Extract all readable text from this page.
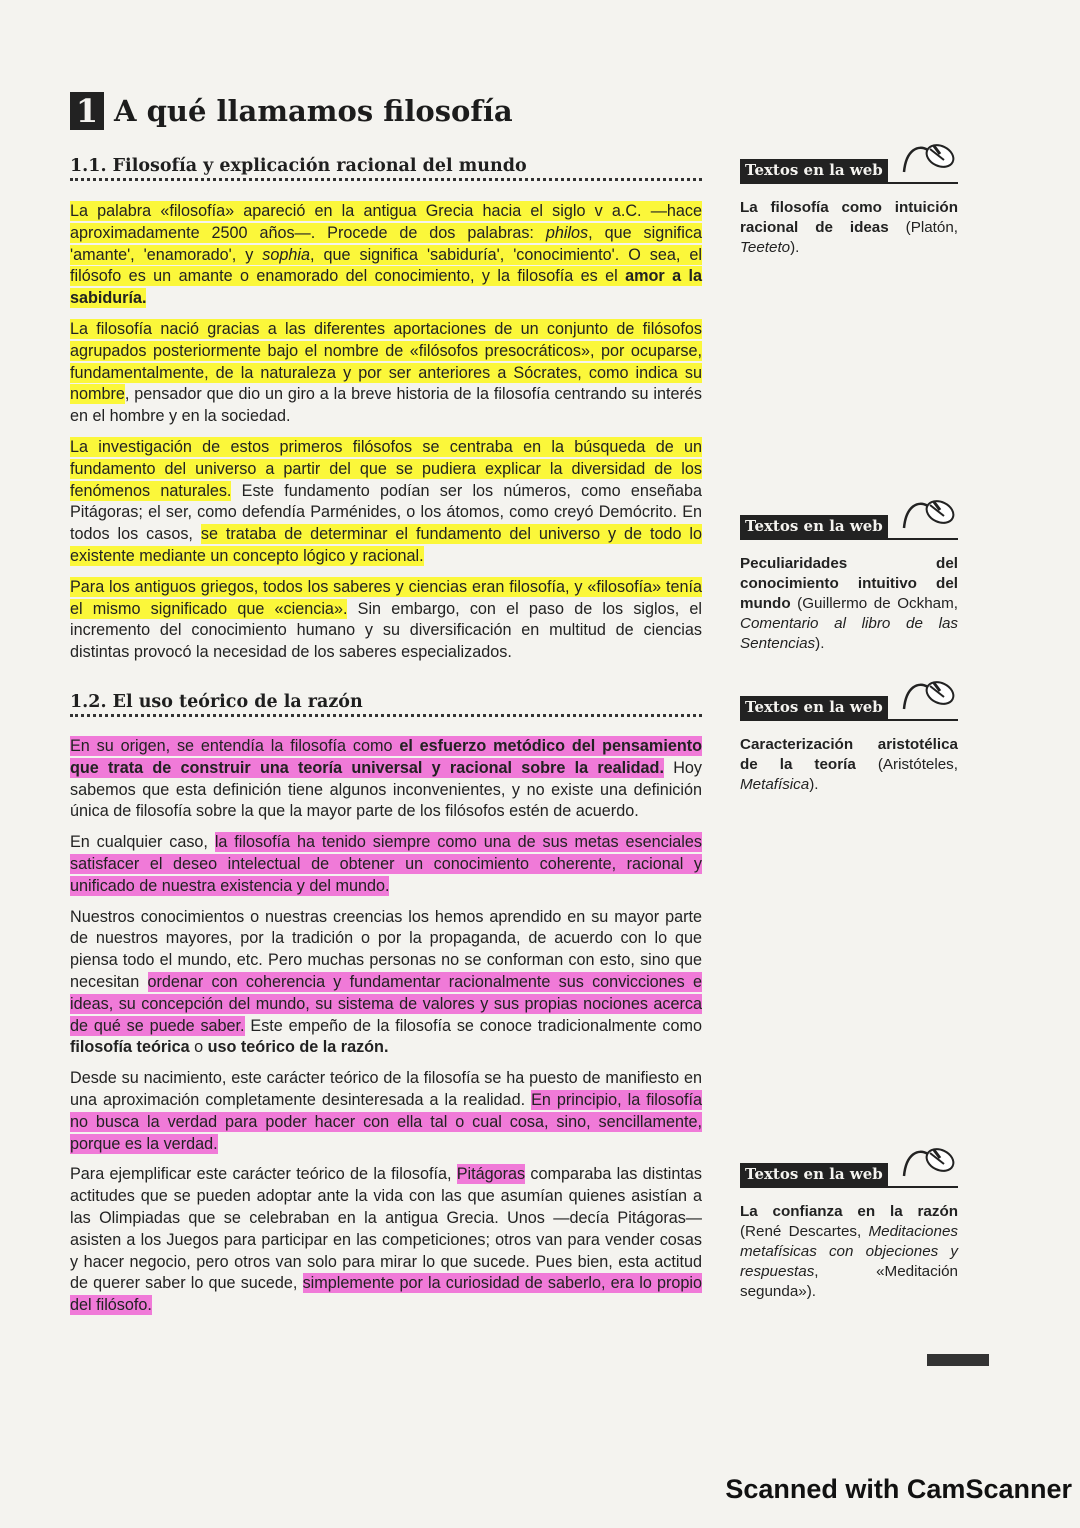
1 A qué llamamos filosofía
1.1. Filosofía y explicación racional del mundo

La palabra «filosofía» apareció en la antigua Grecia hacia el siglo v a.C. —hace aproximadamente 2500 años—. Procede de dos palabras: philos, que significa 'amante', 'enamorado', y sophia, que significa 'sabiduría', 'conocimiento'. O sea, el filósofo es un amante o enamorado del conocimiento, y la filosofía es el amor a la sabiduría.

La filosofía nació gracias a las diferentes aportaciones de un conjunto de filósofos agrupados posteriormente bajo el nombre de «filósofos presocráticos», por ocuparse, fundamentalmente, de la naturaleza y por ser anteriores a Sócrates, como indica su nombre, pensador que dio un giro a la breve historia de la filosofía centrando su interés en el hombre y en la sociedad.

La investigación de estos primeros filósofos se centraba en la búsqueda de un fundamento del universo a partir del que se pudiera explicar la diversidad de los fenómenos naturales. Este fundamento podían ser los números, como enseñaba Pitágoras; el ser, como defendía Parménides, o los átomos, como creyó Demócrito. En todos los casos, se trataba de determinar el fundamento del universo y de todo lo existente mediante un concepto lógico y racional.

Para los antiguos griegos, todos los saberes y ciencias eran filosofía, y «filosofía» tenía el mismo significado que «ciencia». Sin embargo, con el paso de los siglos, el incremento del conocimiento humano y su diversificación en multitud de ciencias distintas provocó la necesidad de los saberes especializados.

1.2. El uso teórico de la razón

En su origen, se entendía la filosofía como el esfuerzo metódico del pensamiento que trata de construir una teoría universal y racional sobre la realidad. Hoy sabemos que esta definición tiene algunos inconvenientes, y no existe una definición única de filosofía sobre la que la mayor parte de los filósofos estén de acuerdo.

En cualquier caso, la filosofía ha tenido siempre como una de sus metas esenciales satisfacer el deseo intelectual de obtener un conocimiento coherente, racional y unificado de nuestra existencia y del mundo.

Nuestros conocimientos o nuestras creencias los hemos aprendido en su mayor parte de nuestros mayores, por la tradición o por la propaganda, de acuerdo con lo que piensa todo el mundo, etc. Pero muchas personas no se conforman con esto, sino que necesitan ordenar con coherencia y fundamentar racionalmente sus convicciones e ideas, su concepción del mundo, su sistema de valores y sus propias nociones acerca de qué se puede saber. Este empeño de la filosofía se conoce tradicionalmente como filosofía teórica o uso teórico de la razón.

Desde su nacimiento, este carácter teórico de la filosofía se ha puesto de manifiesto en una aproximación completamente desinteresada a la realidad. En principio, la filosofía no busca la verdad para poder hacer con ella tal o cual cosa, sino, sencillamente, porque es la verdad.

Para ejemplificar este carácter teórico de la filosofía, Pitágoras comparaba las distintas actitudes que se pueden adoptar ante la vida con las que asumían quienes asistían a las Olimpiadas que se celebraban en la antigua Grecia. Unos —decía Pitágoras— asisten a los Juegos para participar en las competiciones; otros van para vender cosas y hacer negocio, pero otros van solo para mirar lo que sucede. Pues bien, esta actitud de querer saber lo que sucede, simplemente por la curiosidad de saberlo, era lo propio del filósofo.

Textos en la web
La filosofía como intuición racional de ideas (Platón, Teeteto).
Textos en la web
Peculiaridades del conocimiento intuitivo del mundo (Guillermo de Ockham, Comentario al libro de las Sentencias).
Textos en la web
Caracterización aristotélica de la teoría (Aristóteles, Metafísica).
Textos en la web
La confianza en la razón (René Descartes, Meditaciones metafísicas con objeciones y respuestas, «Meditación segunda»).
Scanned with CamScanner
